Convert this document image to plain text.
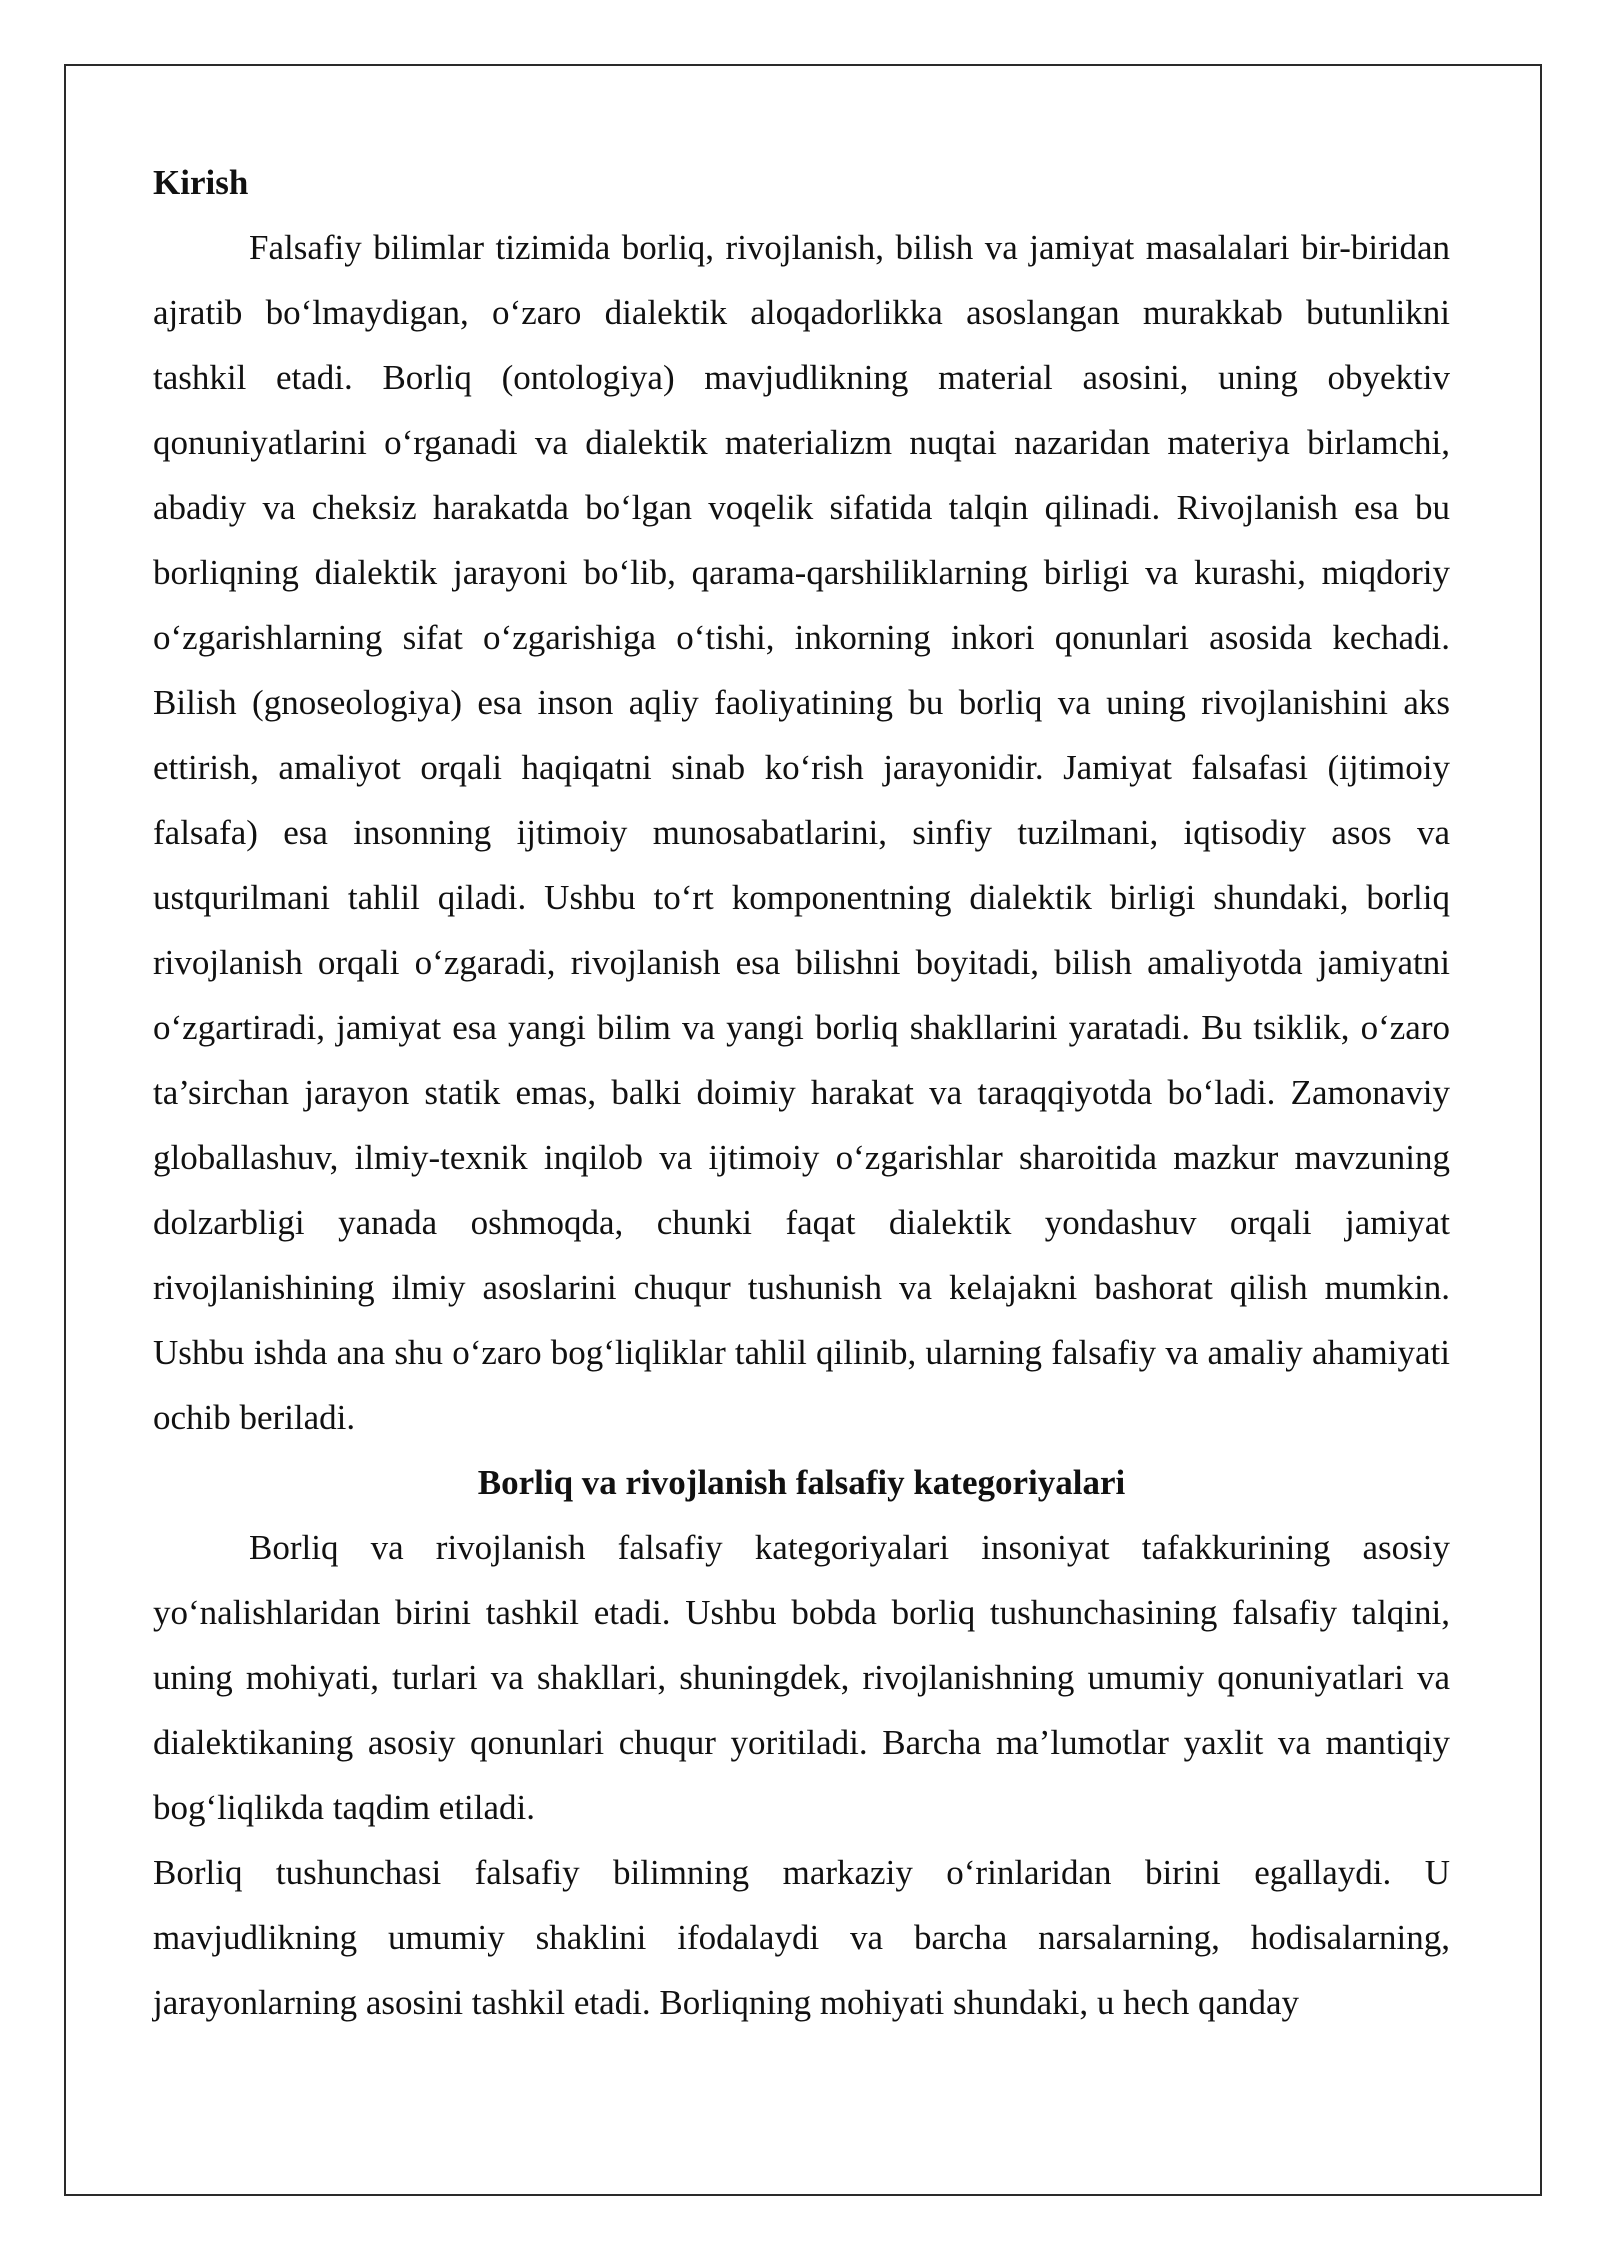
Kirish

Falsafiy bilimlar tizimida borliq, rivojlanish, bilish va jamiyat masalalari bir-biridan ajratib bo‘lmaydigan, o‘zaro dialektik aloqadorlikka asoslangan murakkab butunlikni tashkil etadi. Borliq (ontologiya) mavjudlikning material asosini, uning obyektiv qonuniyatlarini o‘rganadi va dialektik materializm nuqtai nazaridan materiya birlamchi, abadiy va cheksiz harakatda bo‘lgan voqelik sifatida talqin qilinadi. Rivojlanish esa bu borliqning dialektik jarayoni bo‘lib, qarama-qarshiliklarning birligi va kurashi, miqdoriy o‘zgarishlarning sifat o‘zgarishiga o‘tishi, inkorning inkori qonunlari asosida kechadi. Bilish (gnoseologiya) esa inson aqliy faoliyatining bu borliq va uning rivojlanishini aks ettirish, amaliyot orqali haqiqatni sinab ko‘rish jarayonidir. Jamiyat falsafasi (ijtimoiy falsafa) esa insonning ijtimoiy munosabatlarini, sinfiy tuzilmani, iqtisodiy asos va ustqurilmani tahlil qiladi. Ushbu to‘rt komponentning dialektik birligi shundaki, borliq rivojlanish orqali o‘zgaradi, rivojlanish esa bilishni boyitadi, bilish amaliyotda jamiyatni o‘zgartiradi, jamiyat esa yangi bilim va yangi borliq shakllarini yaratadi. Bu tsiklik, o‘zaro ta’sirchan jarayon statik emas, balki doimiy harakat va taraqqiyotda bo‘ladi. Zamonaviy globallashuv, ilmiy-texnik inqilob va ijtimoiy o‘zgarishlar sharoitida mazkur mavzuning dolzarbligi yanada oshmoqda, chunki faqat dialektik yondashuv orqali jamiyat rivojlanishining ilmiy asoslarini chuqur tushunish va kelajakni bashorat qilish mumkin. Ushbu ishda ana shu o‘zaro bog‘liqliklar tahlil qilinib, ularning falsafiy va amaliy ahamiyati ochib beriladi.

Borliq va rivojlanish falsafiy kategoriyalari

Borliq va rivojlanish falsafiy kategoriyalari insoniyat tafakkurining asosiy yo‘nalishlaridan birini tashkil etadi. Ushbu bobda borliq tushunchasining falsafiy talqini, uning mohiyati, turlari va shakllari, shuningdek, rivojlanishning umumiy qonuniyatlari va dialektikaning asosiy qonunlari chuqur yoritiladi. Barcha ma’lumotlar yaxlit va mantiqiy bog‘liqlikda taqdim etiladi.

Borliq tushunchasi falsafiy bilimning markaziy o‘rinlaridan birini egallaydi. U mavjudlikning umumiy shaklini ifodalaydi va barcha narsalarning, hodisalarning, jarayonlarning asosini tashkil etadi. Borliqning mohiyati shundaki, u hech qanday
